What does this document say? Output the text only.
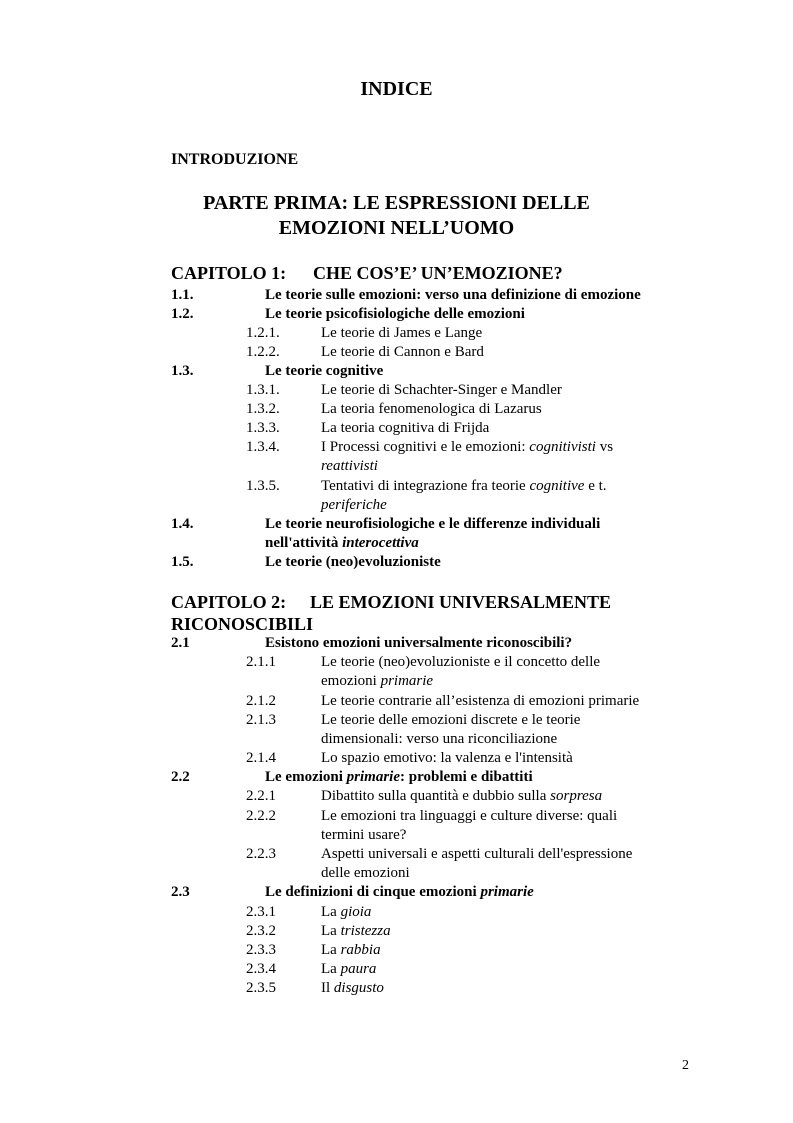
INDICE
INTRODUZIONE
PARTE PRIMA: LE ESPRESSIONI DELLE
EMOZIONI NELL’UOMO
CAPITOLO 1: CHE COS’E’ UN’EMOZIONE?
1.1.	Le teorie sulle emozioni: verso una definizione di emozione
1.2.	Le teorie psicofisiologiche delle emozioni
1.2.1.	Le teorie di James e Lange
1.2.2.	Le teorie di Cannon e Bard
1.3.	Le teorie cognitive
1.3.1.	Le teorie di Schachter-Singer e Mandler
1.3.2.	La teoria fenomenologica di Lazarus
1.3.3.	La teoria cognitiva di Frijda
1.3.4.	I Processi cognitivi e le emozioni: cognitivisti vs
reattivisti
1.3.5.	Tentativi di integrazione fra teorie cognitive e t.
periferiche
1.4.	Le teorie neurofisiologiche e le differenze individuali
nell'attività interocettiva
1.5.	Le teorie (neo)evoluzioniste
CAPITOLO 2: LE EMOZIONI UNIVERSALMENTE
RICONOSCIBILI
2.1	Esistono emozioni universalmente riconoscibili?
2.1.1	Le teorie (neo)evoluzioniste e il concetto delle
emozioni primarie
2.1.2	Le teorie contrarie all’esistenza di emozioni primarie
2.1.3	Le teorie delle emozioni discrete e le teorie
dimensionali: verso una riconciliazione
2.1.4	Lo spazio emotivo: la valenza e l'intensità
2.2	Le emozioni primarie: problemi e dibattiti
2.2.1	Dibattito sulla quantità e dubbio sulla sorpresa
2.2.2	Le emozioni tra linguaggi e culture diverse: quali
termini usare?
2.2.3	Aspetti universali e aspetti culturali dell'espressione
delle emozioni
2.3	Le definizioni di cinque emozioni primarie
2.3.1	La gioia
2.3.2	La tristezza
2.3.3	La rabbia
2.3.4	La paura
2.3.5	Il disgusto
2
